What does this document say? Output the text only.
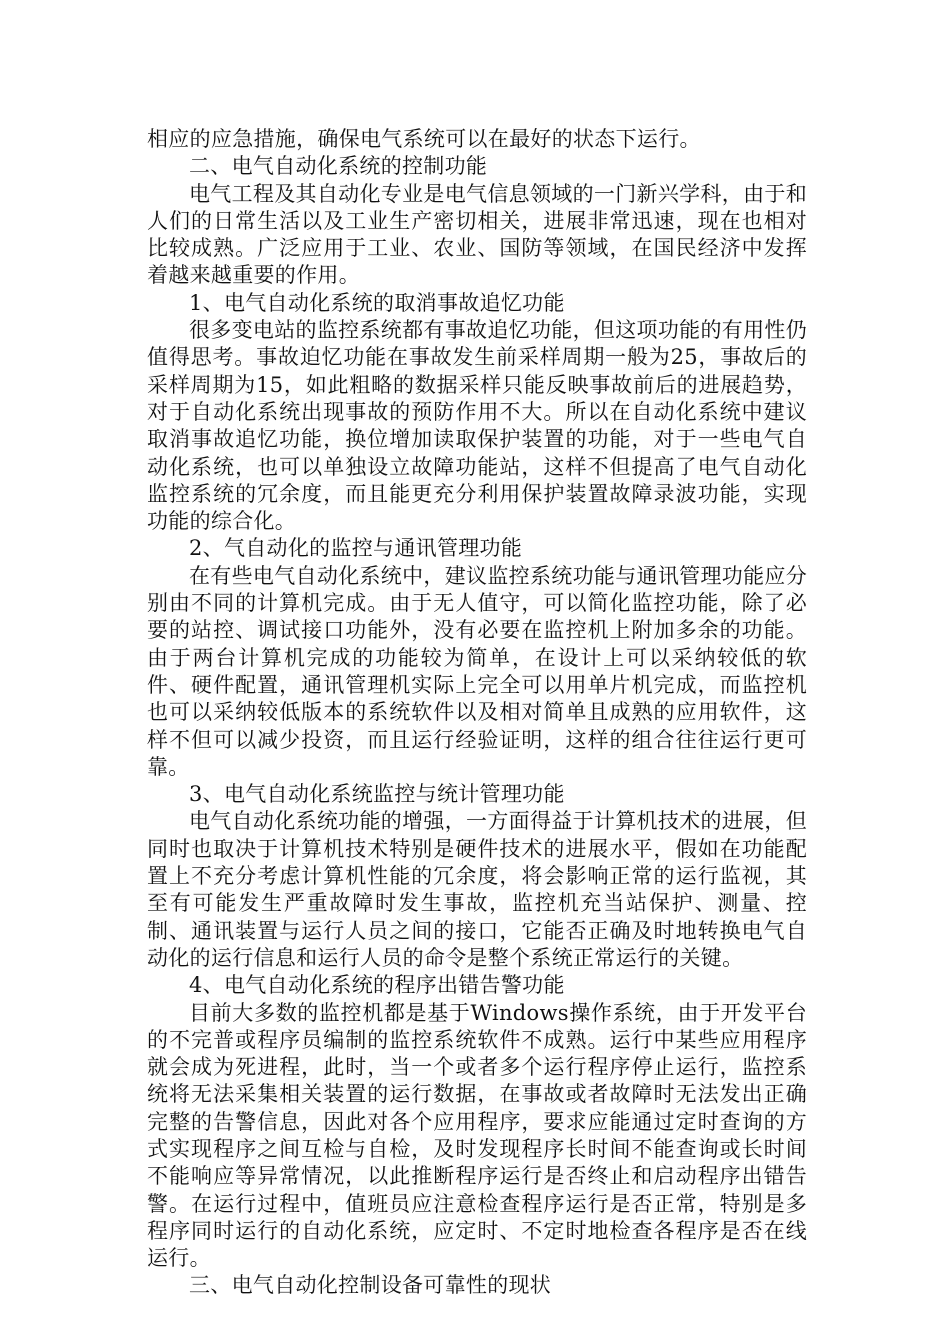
相应的应急措施，确保电气系统可以在最好的状态下运行。

二、电气自动化系统的控制功能

电气工程及其自动化专业是电气信息领域的一门新兴学科，由于和人们的日常生活以及工业生产密切相关，进展非常迅速，现在也相对比较成熟。广泛应用于工业、农业、国防等领域，在国民经济中发挥着越来越重要的作用。

1、电气自动化系统的取消事故追忆功能

很多变电站的监控系统都有事故追忆功能，但这项功能的有用性仍值得思考。事故迫忆功能在事故发生前采样周期一般为25，事故后的采样周期为15，如此粗略的数据采样只能反映事故前后的进展趋势，对于自动化系统出现事故的预防作用不大。所以在自动化系统中建议取消事故追忆功能，换位增加读取保护装置的功能，对于一些电气自动化系统，也可以单独设立故障功能站，这样不但提高了电气自动化监控系统的冗余度，而且能更充分利用保护装置故障录波功能，实现功能的综合化。

2、气自动化的监控与通讯管理功能

在有些电气自动化系统中，建议监控系统功能与通讯管理功能应分别由不同的计算机完成。由于无人值守，可以简化监控功能，除了必要的站控、调试接口功能外，没有必要在监控机上附加多余的功能。由于两台计算机完成的功能较为简单，在设计上可以采纳较低的软件、硬件配置，通讯管理机实际上完全可以用单片机完成，而监控机也可以采纳较低版本的系统软件以及相对简单且成熟的应用软件，这样不但可以减少投资，而且运行经验证明，这样的组合往往运行更可靠。

3、电气自动化系统监控与统计管理功能

电气自动化系统功能的增强，一方面得益于计算机技术的进展，但同时也取决于计算机技术特别是硬件技术的进展水平，假如在功能配置上不充分考虑计算机性能的冗余度，将会影响正常的运行监视，其至有可能发生严重故障时发生事故，监控机充当站保护、测量、控制、通讯装置与运行人员之间的接口，它能否正确及时地转换电气自动化的运行信息和运行人员的命令是整个系统正常运行的关键。

4、电气自动化系统的程序出错告警功能

目前大多数的监控机都是基于Windows操作系统，由于开发平台的不完普或程序员编制的监控系统软件不成熟。运行中某些应用程序就会成为死进程，此时，当一个或者多个运行程序停止运行，监控系统将无法采集相关装置的运行数据，在事故或者故障时无法发出正确完整的告警信息，因此对各个应用程序，要求应能通过定时查询的方式实现程序之间互检与自检，及时发现程序长时间不能查询或长时间不能响应等异常情况，以此推断程序运行是否终止和启动程序出错告警。在运行过程中，值班员应注意检查程序运行是否正常，特别是多程序同时运行的自动化系统，应定时、不定时地检查各程序是否在线运行。

三、电气自动化控制设备可靠性的现状
